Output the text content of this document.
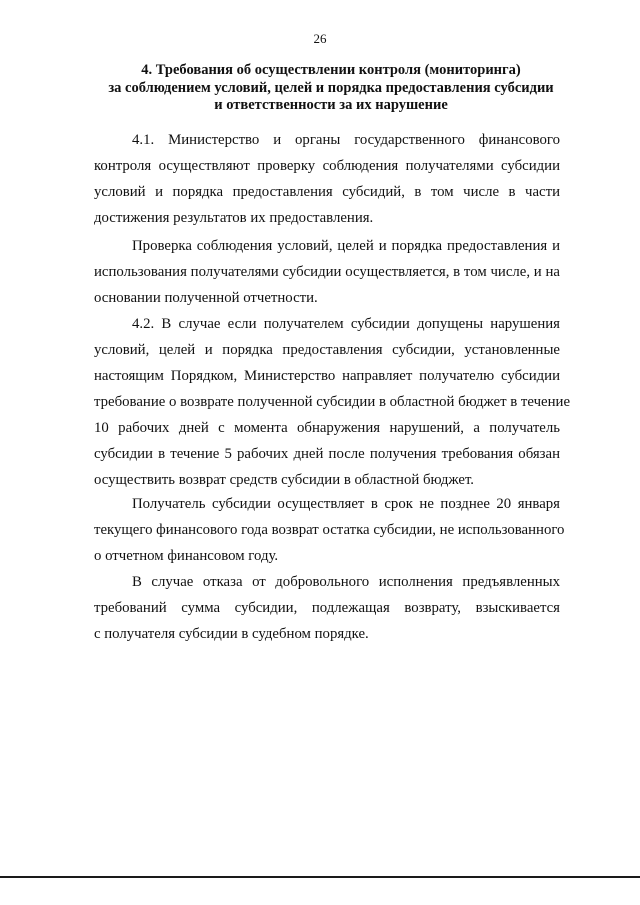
26
4. Требования об осуществлении контроля (мониторинга)
за соблюдением условий, целей и порядка предоставления субсидии
и ответственности за их нарушение

4.1. Министерство и органы государственного финансового
контроля осуществляют проверку соблюдения получателями субсидии
условий и порядка предоставления субсидий, в том числе в части
достижения результатов их предоставления.

Проверка соблюдения условий, целей и порядка предоставления и
использования получателями субсидии осуществляется, в том числе, и на
основании полученной отчетности.

4.2. В случае если получателем субсидии допущены нарушения
условий, целей и порядка предоставления субсидии, установленные
настоящим Порядком, Министерство направляет получателю субсидии
требование о возврате полученной субсидии в областной бюджет в течение
10 рабочих дней с момента обнаружения нарушений, а получатель
субсидии в течение 5 рабочих дней после получения требования обязан
осуществить возврат средств субсидии в областной бюджет.

Получатель субсидии осуществляет в срок не позднее 20 января
текущего финансового года возврат остатка субсидии, не использованного
о отчетном финансовом году.

В случае отказа от добровольного исполнения предъявленных
требований сумма субсидии, подлежащая возврату, взыскивается
с получателя субсидии в судебном порядке.
